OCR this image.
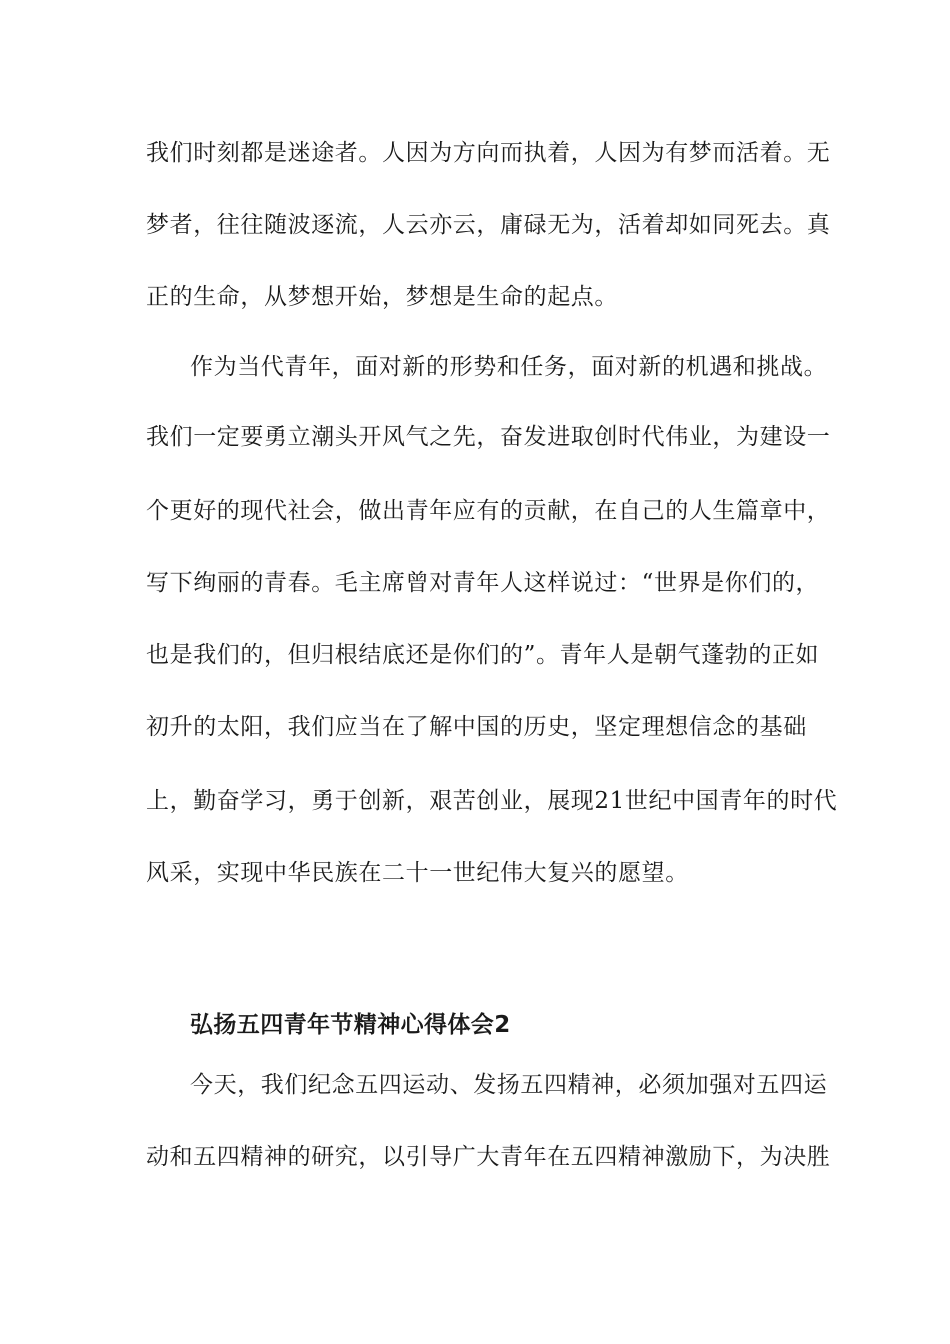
我们时刻都是迷途者。人因为方向而执着，人因为有梦而活着。无
梦者，往往随波逐流，人云亦云，庸碌无为，活着却如同死去。真
正的生命，从梦想开始，梦想是生命的起点。
作为当代青年，面对新的形势和任务，面对新的机遇和挑战。
我们一定要勇立潮头开风气之先，奋发进取创时代伟业，为建设一
个更好的现代社会，做出青年应有的贡献，在自己的人生篇章中，
写下绚丽的青春。毛主席曾对青年人这样说过：“世界是你们的，
也是我们的，但归根结底还是你们的”。青年人是朝气蓬勃的正如
初升的太阳，我们应当在了解中国的历史，坚定理想信念的基础
上，勤奋学习，勇于创新，艰苦创业，展现21世纪中国青年的时代
风采，实现中华民族在二十一世纪伟大复兴的愿望。
弘扬五四青年节精神心得体会2
今天，我们纪念五四运动、发扬五四精神，必须加强对五四运
动和五四精神的研究，以引导广大青年在五四精神激励下，为决胜
